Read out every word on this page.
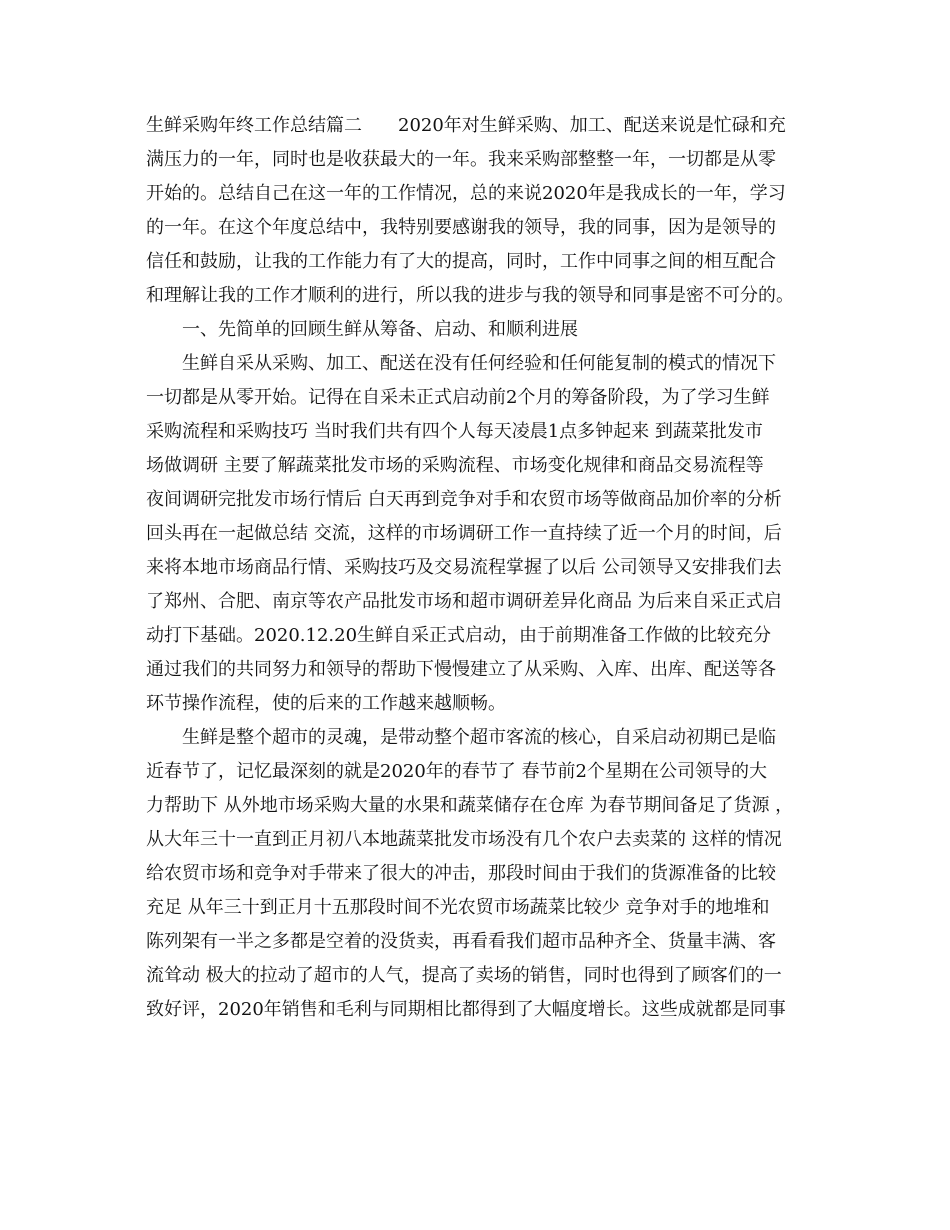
生鲜采购年终工作总结篇二　　2020年对生鲜采购、加工、配送来说是忙碌和充
满压力的一年，同时也是收获最大的一年。我来采购部整整一年，一切都是从零
开始的。总结自己在这一年的工作情况，总的来说2020年是我成长的一年，学习
的一年。在这个年度总结中，我特别要感谢我的领导，我的同事，因为是领导的
信任和鼓励，让我的工作能力有了大的提高，同时，工作中同事之间的相互配合
和理解让我的工作才顺利的进行，所以我的进步与我的领导和同事是密不可分的。
一、先简单的回顾生鲜从筹备、启动、和顺利进展
生鲜自采从采购、加工、配送在没有任何经验和任何能复制的模式的情况下
一切都是从零开始。记得在自采未正式启动前2个月的筹备阶段，为了学习生鲜
采购流程和采购技巧 当时我们共有四个人每天凌晨1点多钟起来 到蔬菜批发市
场做调研 主要了解蔬菜批发市场的采购流程、市场变化规律和商品交易流程等
夜间调研完批发市场行情后 白天再到竞争对手和农贸市场等做商品加价率的分析
回头再在一起做总结 交流，这样的市场调研工作一直持续了近一个月的时间，后
来将本地市场商品行情、采购技巧及交易流程掌握了以后 公司领导又安排我们去
了郑州、合肥、南京等农产品批发市场和超市调研差异化商品 为后来自采正式启
动打下基础。2020.12.20生鲜自采正式启动，由于前期准备工作做的比较充分
通过我们的共同努力和领导的帮助下慢慢建立了从采购、入库、出库、配送等各
环节操作流程，使的后来的工作越来越顺畅。
生鲜是整个超市的灵魂，是带动整个超市客流的核心，自采启动初期已是临
近春节了，记忆最深刻的就是2020年的春节了 春节前2个星期在公司领导的大
力帮助下 从外地市场采购大量的水果和蔬菜储存在仓库 为春节期间备足了货源 ，
从大年三十一直到正月初八本地蔬菜批发市场没有几个农户去卖菜的 这样的情况
给农贸市场和竞争对手带来了很大的冲击，那段时间由于我们的货源准备的比较
充足 从年三十到正月十五那段时间不光农贸市场蔬菜比较少 竞争对手的地堆和
陈列架有一半之多都是空着的没货卖，再看看我们超市品种齐全、货量丰满、客
流耸动 极大的拉动了超市的人气，提高了卖场的销售，同时也得到了顾客们的一
致好评，2020年销售和毛利与同期相比都得到了大幅度增长。这些成就都是同事
